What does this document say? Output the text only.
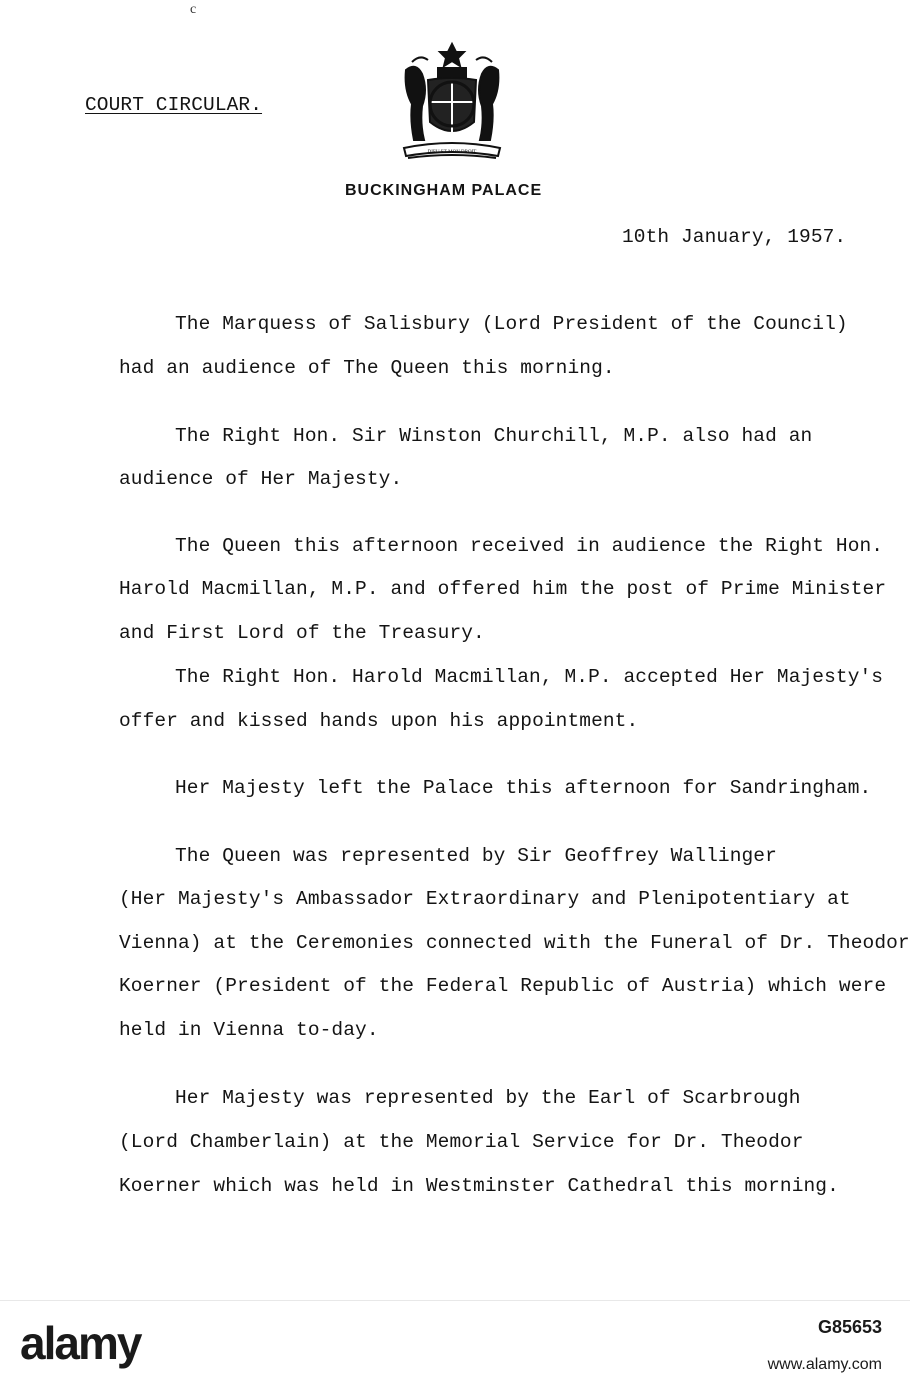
c
COURT CIRCULAR.
DIEU ET MON DROIT
BUCKINGHAM PALACE
10th January, 1957.
The Marquess of Salisbury (Lord President of the Council)
had an audience of The Queen this morning.
The Right Hon. Sir Winston Churchill, M.P. also had an
audience of Her Majesty.
The Queen this afternoon received in audience the Right Hon.
Harold Macmillan, M.P. and offered him the post of Prime Minister
and First Lord of the Treasury.
The Right Hon. Harold Macmillan, M.P. accepted Her Majesty's
offer and kissed hands upon his appointment.
Her Majesty left the Palace this afternoon for Sandringham.
The Queen was represented by Sir Geoffrey Wallinger
(Her Majesty's Ambassador Extraordinary and Plenipotentiary at
Vienna) at the Ceremonies connected with the Funeral of Dr. Theodor
Koerner (President of the Federal Republic of Austria) which were
held in Vienna to-day.
Her Majesty was represented by the Earl of Scarbrough
(Lord Chamberlain) at the Memorial Service for Dr. Theodor
Koerner which was held in Westminster Cathedral this morning.
alamy	G85653
www.alamy.com
